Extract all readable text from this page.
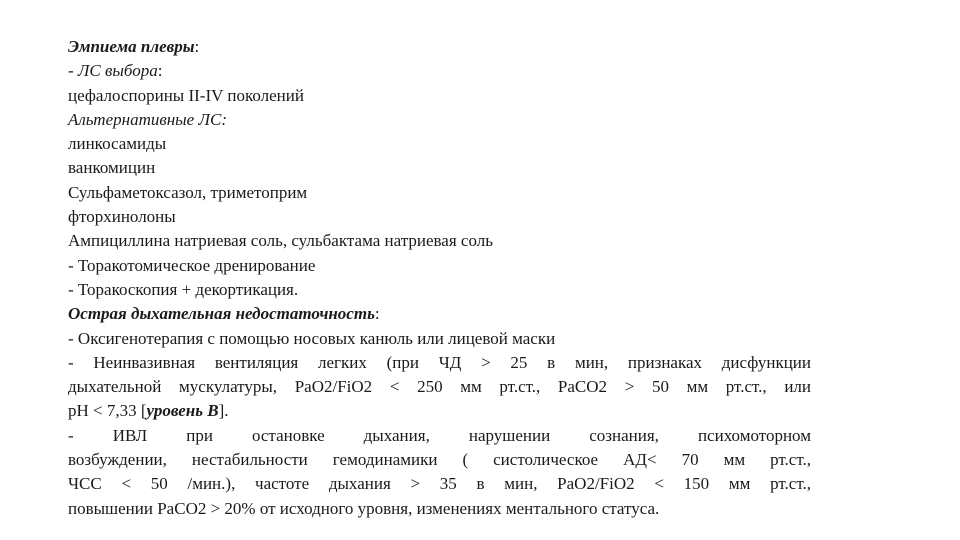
Эмпиема плевры:
- ЛС выбора:
цефалоспорины II-IV поколений
Альтернативные ЛС:
линкосамиды
ванкомицин
Сульфаметоксазол, триметоприм
фторхинолоны
Ампициллина натриевая соль, сульбактама натриевая соль
- Торакотомическое дренирование
- Торакоскопия + декортикация.
Острая дыхательная недостаточность:
- Оксигенотерапия с помощью носовых канюль или лицевой маски
- Неинвазивная вентиляция легких (при ЧД > 25 в мин, признаках дисфункции
дыхательной мускулатуры, PaO2/FiO2 < 250 мм рт.ст., PaCO2 > 50 мм рт.ст., или
pH < 7,33 [уровень В].
- ИВЛ при остановке дыхания, нарушении сознания, психомоторном
возбуждении, нестабильности гемодинамики ( систолическое АД< 70 мм рт.ст.,
ЧСС < 50 /мин.), частоте дыхания > 35 в мин, PaO2/FiO2 < 150 мм рт.ст.,
повышении PaCO2 > 20% от исходного уровня, изменениях ментального статуса.
